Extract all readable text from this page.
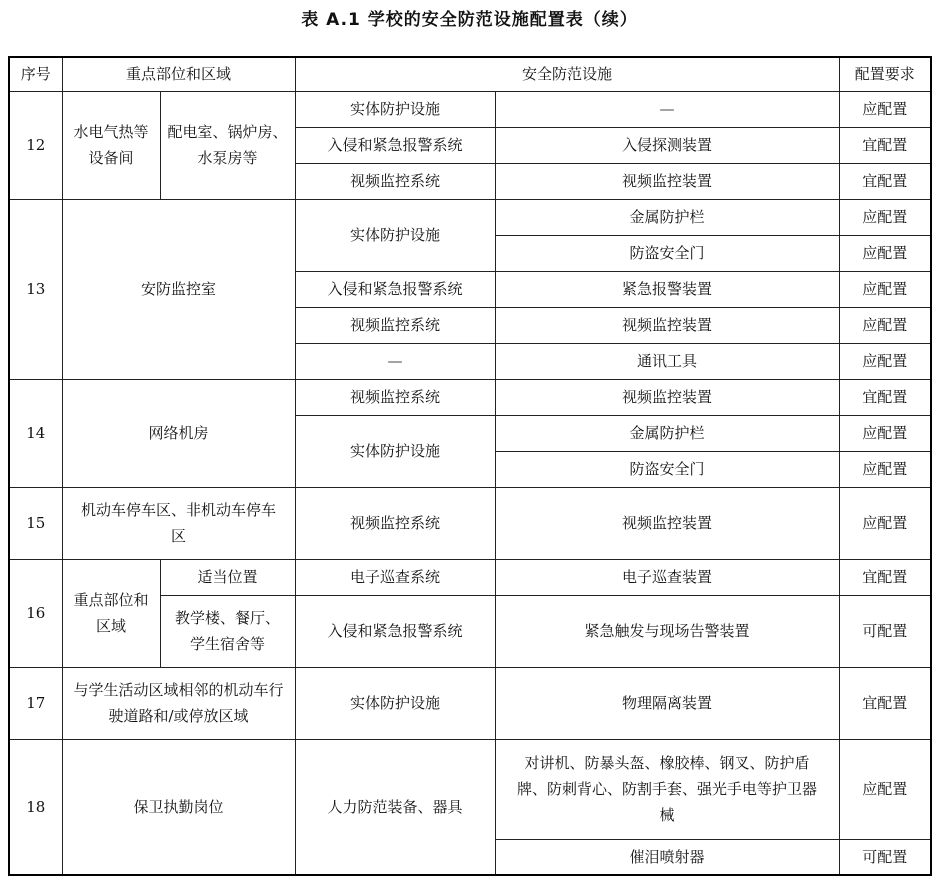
表 A.1 学校的安全防范设施配置表（续）
序号	重点部位和区域		安全防范设施		配置要求
12	水电气热等设备间	配电室、锅炉房、水泵房等	实体防护设施	—	应配置
			入侵和紧急报警系统	入侵探测装置	宜配置
			视频监控系统	视频监控装置	宜配置
13	安防监控室		实体防护设施	金属防护栏	应配置
				防盗安全门	应配置
			入侵和紧急报警系统	紧急报警装置	应配置
			视频监控系统	视频监控装置	应配置
			—	通讯工具	应配置
14	网络机房		视频监控系统	视频监控装置	宜配置
			实体防护设施	金属防护栏	应配置
				防盗安全门	应配置
15	机动车停车区、非机动车停车区		视频监控系统	视频监控装置	应配置
16	重点部位和区域	适当位置	电子巡查系统	电子巡查装置	宜配置
		教学楼、餐厅、学生宿舍等	入侵和紧急报警系统	紧急触发与现场告警装置	可配置
17	与学生活动区域相邻的机动车行驶道路和/或停放区域		实体防护设施	物理隔离装置	宜配置
18	保卫执勤岗位		人力防范装备、器具	对讲机、防暴头盔、橡胶棒、钢叉、防护盾牌、防刺背心、防割手套、强光手电等护卫器械	应配置
				催泪喷射器	可配置
